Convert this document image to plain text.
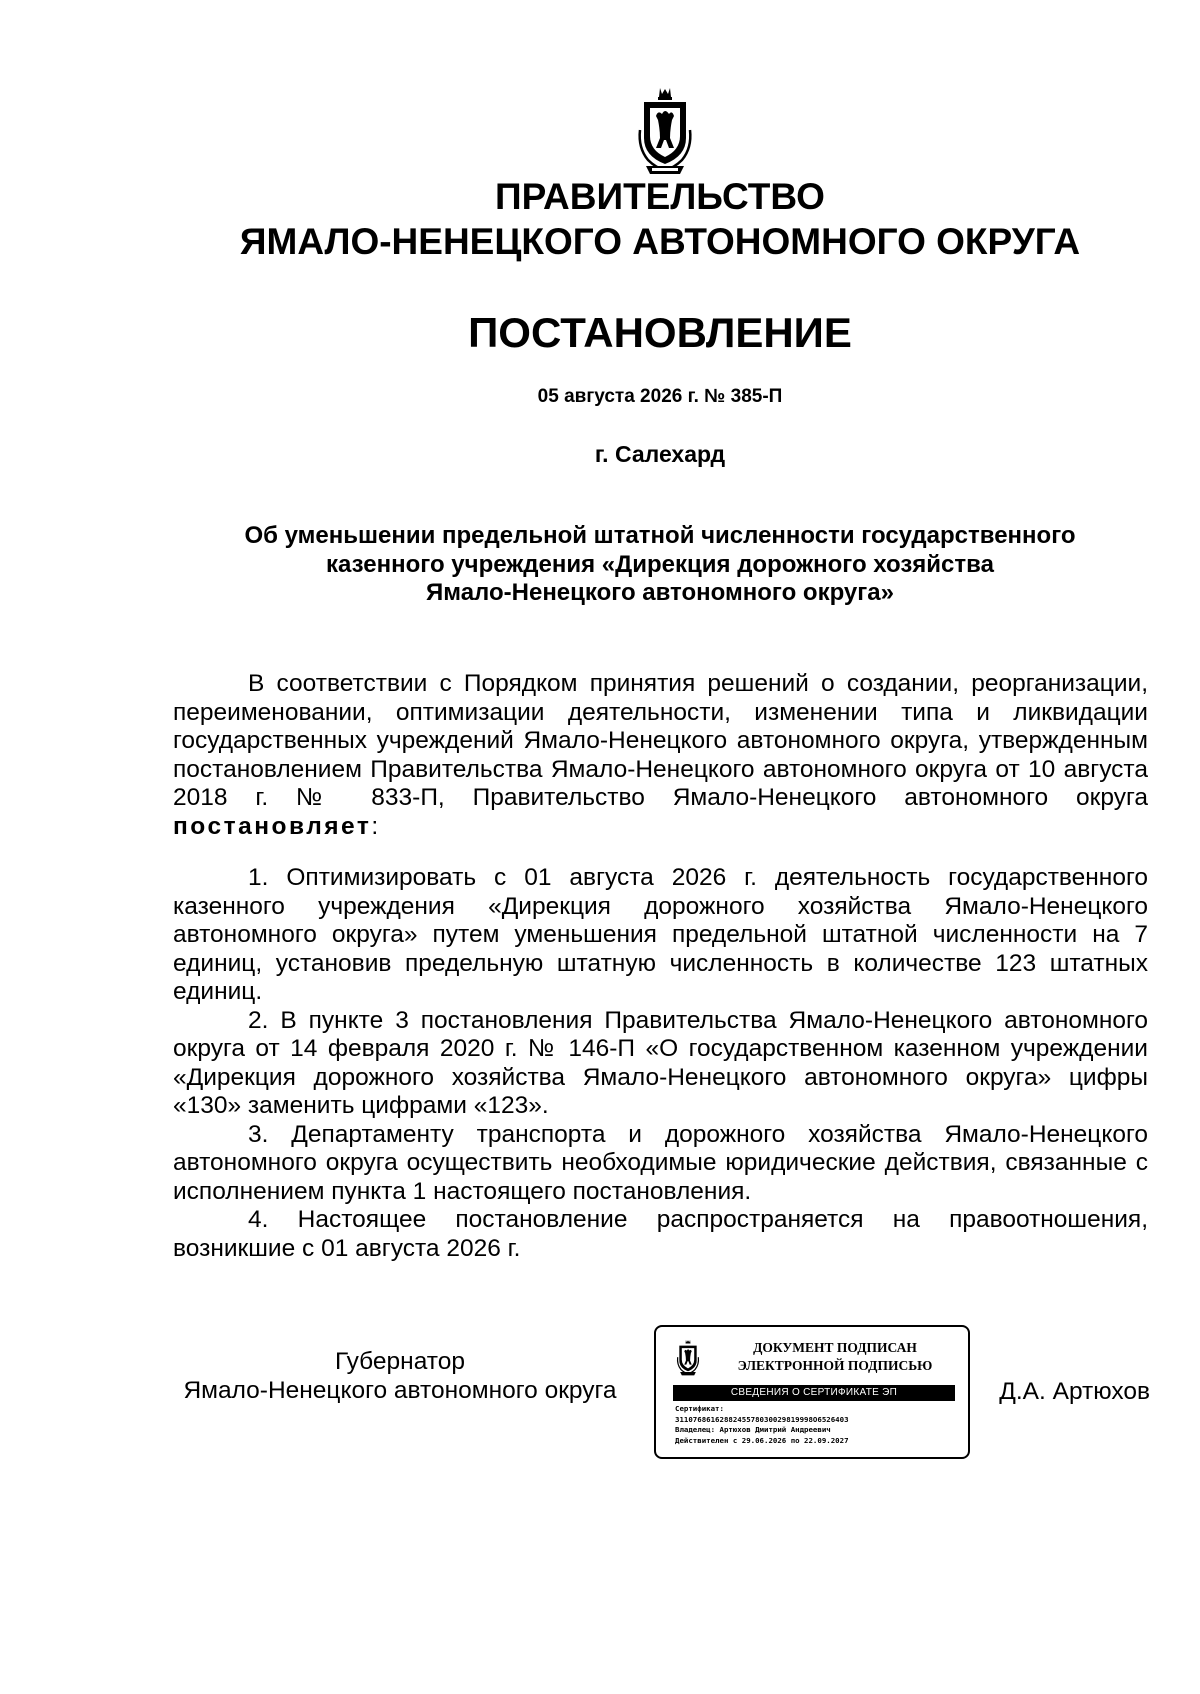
ПРАВИТЕЛЬСТВО
ЯМАЛО-НЕНЕЦКОГО АВТОНОМНОГО ОКРУГА
ПОСТАНОВЛЕНИЕ
05 августа 2026 г. № 385-П
г. Салехард
Об уменьшении предельной штатной численности государственного
казенного учреждения «Дирекция дорожного хозяйства
Ямало-Ненецкого автономного округа»

В соответствии с Порядком принятия решений о создании, реорганизации, переименовании, оптимизации деятельности, изменении типа и ликвидации государственных учреждений Ямало-Ненецкого автономного округа, утвержденным постановлением Правительства Ямало-Ненецкого автономного округа от 10 августа 2018 г. № 833-П, Правительство Ямало-Ненецкого автономного округа постановляет:

1. Оптимизировать с 01 августа 2026 г. деятельность государственного казенного учреждения «Дирекция дорожного хозяйства Ямало-Ненецкого автономного округа» путем уменьшения предельной штатной численности на 7 единиц, установив предельную штатную численность в количестве 123 штатных единиц.

2. В пункте 3 постановления Правительства Ямало-Ненецкого автономного округа от 14 февраля 2020 г. № 146-П «О государственном казенном учреждении «Дирекция дорожного хозяйства Ямало-Ненецкого автономного округа» цифры «130» заменить цифрами «123».

3. Департаменту транспорта и дорожного хозяйства Ямало-Ненецкого автономного округа осуществить необходимые юридические действия, связанные с исполнением пункта 1 настоящего постановления.

4. Настоящее постановление распространяется на правоотношения, возникшие с 01 августа 2026 г.

Губернатор
Ямало-Ненецкого автономного округа
ДОКУМЕНТ ПОДПИСАН
ЭЛЕКТРОННОЙ ПОДПИСЬЮ
СВЕДЕНИЯ О СЕРТИФИКАТЕ ЭП
Сертификат:
3110768616288245578030029819998O6526403
Владелец: Артюхов Дмитрий Андреевич
Действителен с 29.06.2026 по 22.09.2027
Д.А. Артюхов
